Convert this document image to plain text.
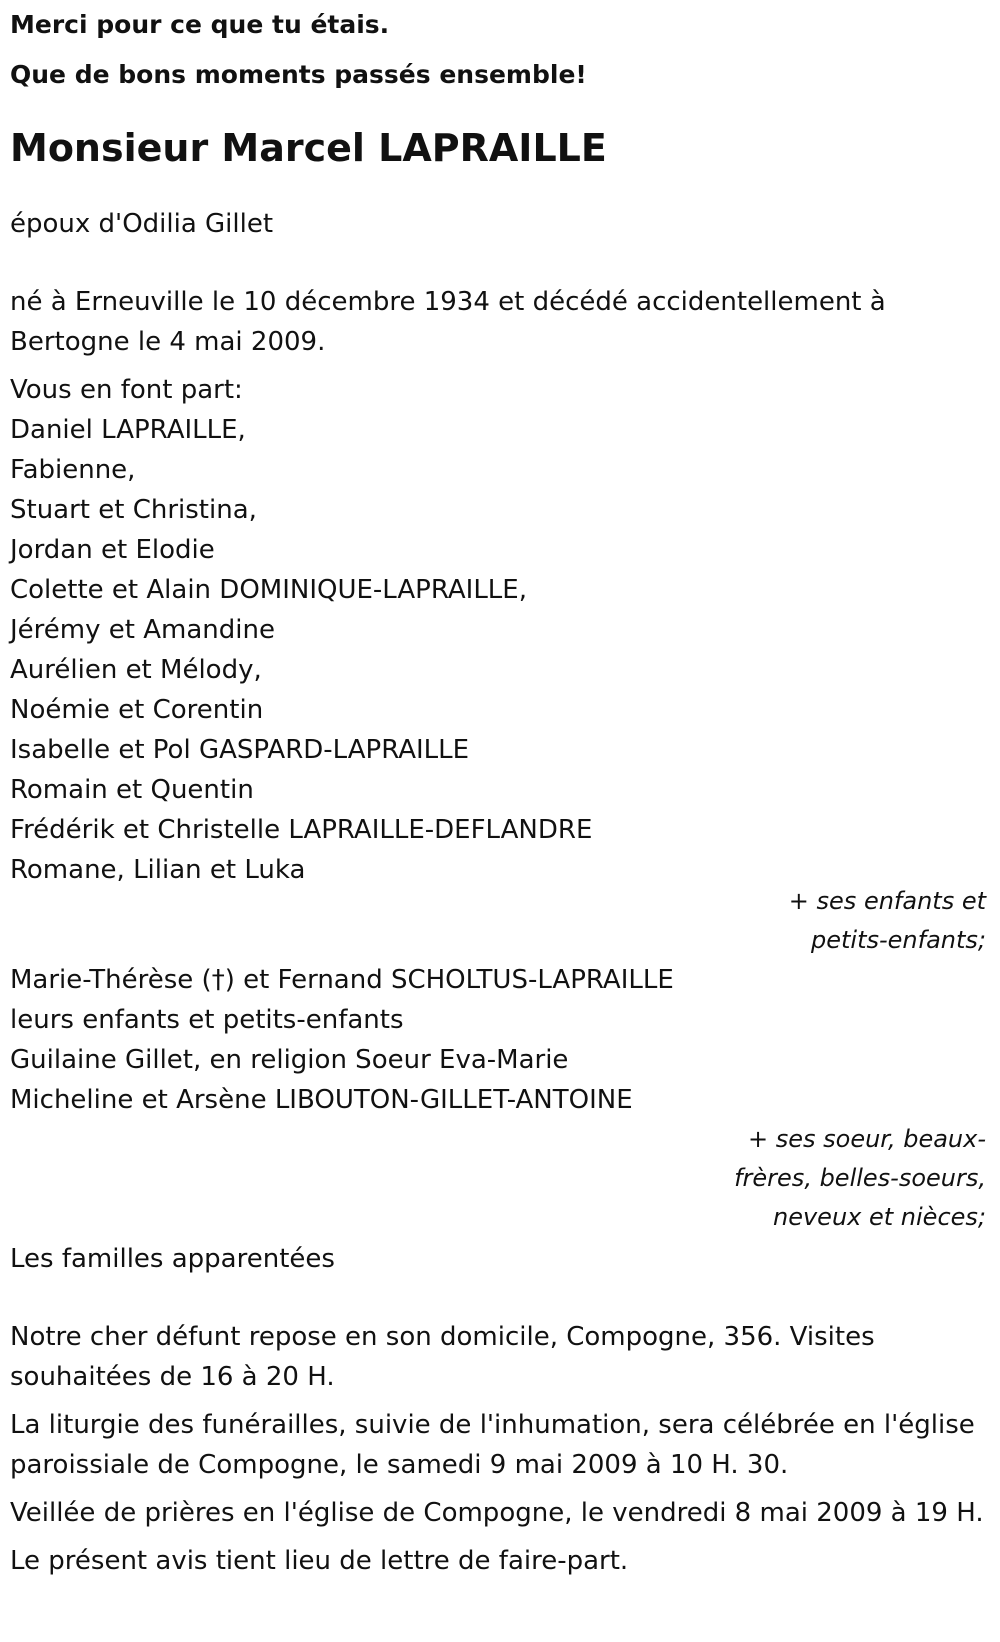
Merci pour ce que tu étais.

Que de bons moments passés ensemble!

Monsieur Marcel LAPRAILLE

époux d'Odilia Gillet

né à Erneuville le 10 décembre 1934 et décédé accidentellement à Bertogne le 4 mai 2009.

Vous en font part:
Daniel LAPRAILLE,
Fabienne,
Stuart et Christina,
Jordan et Elodie
Colette et Alain DOMINIQUE-LAPRAILLE,
Jérémy et Amandine
Aurélien et Mélody,
Noémie et Corentin
Isabelle et Pol GASPARD-LAPRAILLE
Romain et Quentin
Frédérik et Christelle LAPRAILLE-DEFLANDRE
Romane, Lilian et Luka
+ ses enfants et petits-enfants;
Marie-Thérèse (†) et Fernand SCHOLTUS-LAPRAILLE
leurs enfants et petits-enfants
Guilaine Gillet, en religion Soeur Eva-Marie
Micheline et Arsène LIBOUTON-GILLET-ANTOINE
+ ses soeur, beaux-frères, belles-soeurs, neveux et nièces;
Les familles apparentées

Notre cher défunt repose en son domicile, Compogne, 356. Visites souhaitées de 16 à 20 H.

La liturgie des funérailles, suivie de l'inhumation, sera célébrée en l'église paroissiale de Compogne, le samedi 9 mai 2009 à 10 H. 30.

Veillée de prières en l'église de Compogne, le vendredi 8 mai 2009 à 19 H.

Le présent avis tient lieu de lettre de faire-part.
